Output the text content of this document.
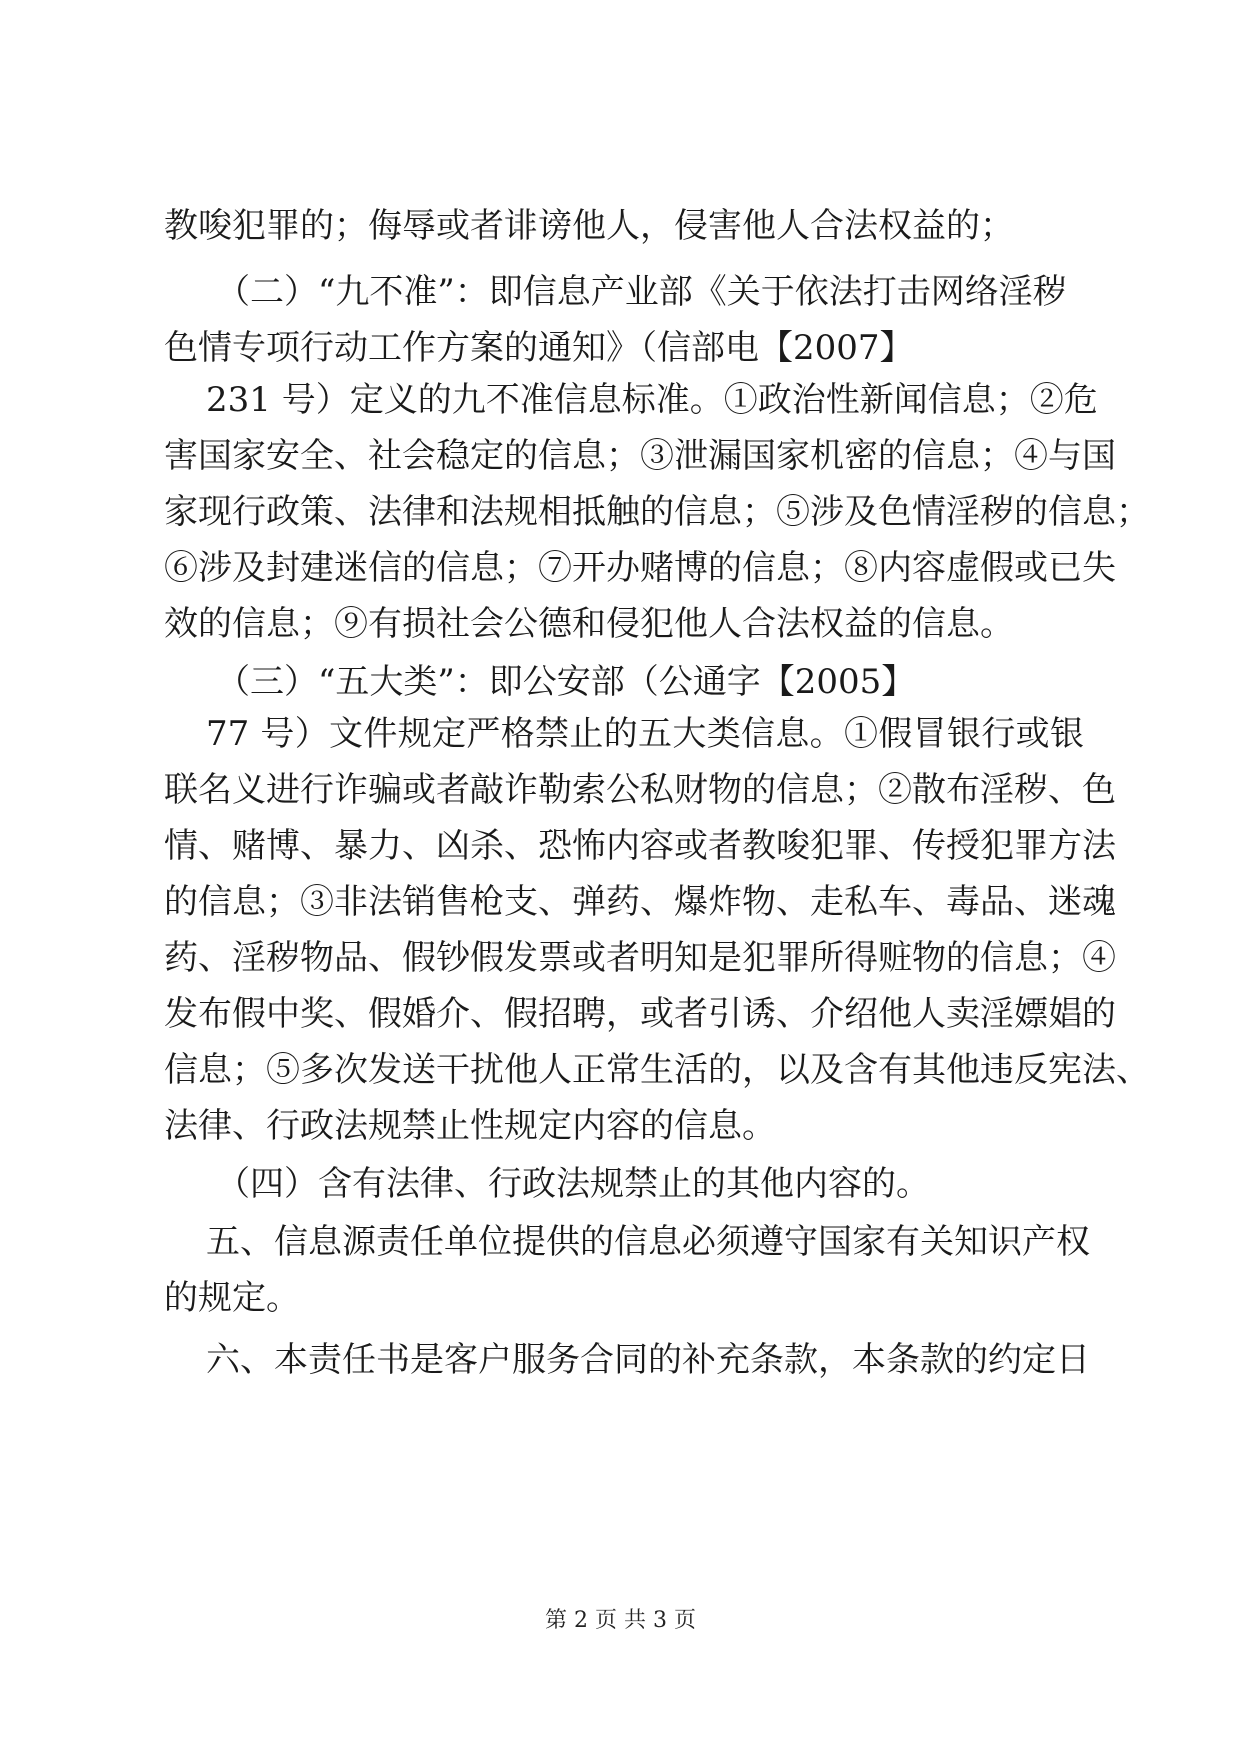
教唆犯罪的；侮辱或者诽谤他人，侵害他人合法权益的；
（二）“九不准”：即信息产业部《关于依法打击网络淫秽
色情专项行动工作方案的通知》（信部电【2007】
231 号）定义的九不准信息标准。①政治性新闻信息；②危
害国家安全、社会稳定的信息；③泄漏国家机密的信息；④与国
家现行政策、法律和法规相抵触的信息；⑤涉及色情淫秽的信息；
⑥涉及封建迷信的信息；⑦开办赌博的信息；⑧内容虚假或已失
效的信息；⑨有损社会公德和侵犯他人合法权益的信息。
（三）“五大类”：即公安部（公通字【2005】
77 号）文件规定严格禁止的五大类信息。①假冒银行或银
联名义进行诈骗或者敲诈勒索公私财物的信息；②散布淫秽、色
情、赌博、暴力、凶杀、恐怖内容或者教唆犯罪、传授犯罪方法
的信息；③非法销售枪支、弹药、爆炸物、走私车、毒品、迷魂
药、淫秽物品、假钞假发票或者明知是犯罪所得赃物的信息；④
发布假中奖、假婚介、假招聘，或者引诱、介绍他人卖淫嫖娼的
信息；⑤多次发送干扰他人正常生活的，以及含有其他违反宪法、
法律、行政法规禁止性规定内容的信息。
（四）含有法律、行政法规禁止的其他内容的。
五、信息源责任单位提供的信息必须遵守国家有关知识产权
的规定。
六、本责任书是客户服务合同的补充条款，本条款的约定日
第 2 页 共 3 页
